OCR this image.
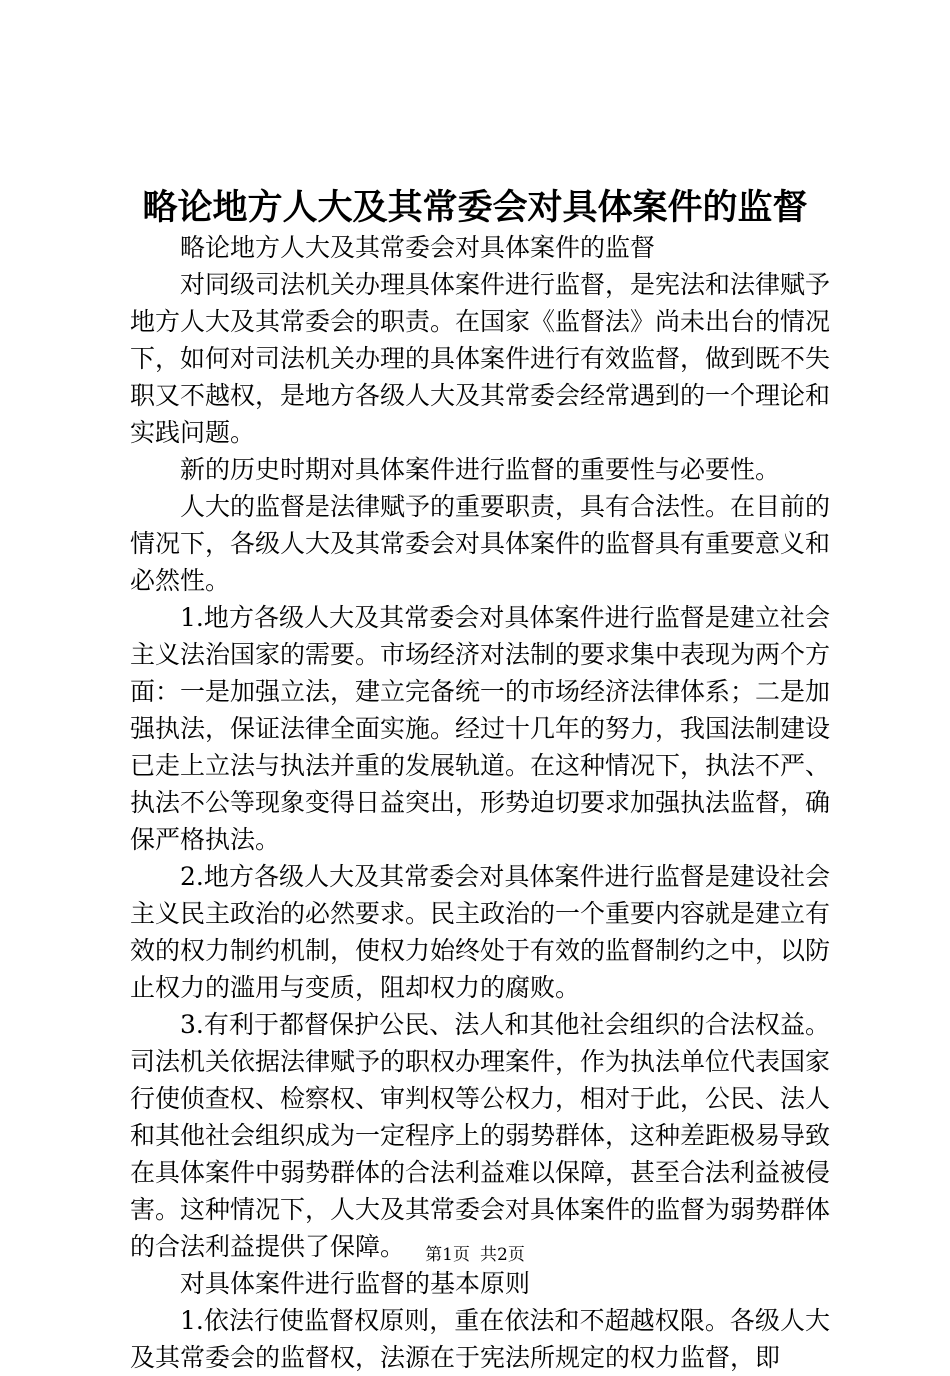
略论地方人大及其常委会对具体案件的监督

略论地方人大及其常委会对具体案件的监督

对同级司法机关办理具体案件进行监督，是宪法和法律赋予地方人大及其常委会的职责。在国家《监督法》尚未出台的情况下，如何对司法机关办理的具体案件进行有效监督，做到既不失职又不越权，是地方各级人大及其常委会经常遇到的一个理论和实践问题。

新的历史时期对具体案件进行监督的重要性与必要性。

人大的监督是法律赋予的重要职责，具有合法性。在目前的情况下，各级人大及其常委会对具体案件的监督具有重要意义和必然性。

1.地方各级人大及其常委会对具体案件进行监督是建立社会主义法治国家的需要。市场经济对法制的要求集中表现为两个方面：一是加强立法，建立完备统一的市场经济法律体系；二是加强执法，保证法律全面实施。经过十几年的努力，我国法制建设已走上立法与执法并重的发展轨道。在这种情况下，执法不严、执法不公等现象变得日益突出，形势迫切要求加强执法监督，确保严格执法。

2.地方各级人大及其常委会对具体案件进行监督是建设社会主义民主政治的必然要求。民主政治的一个重要内容就是建立有效的权力制约机制，使权力始终处于有效的监督制约之中，以防止权力的滥用与变质，阻却权力的腐败。

3.有利于都督保护公民、法人和其他社会组织的合法权益。司法机关依据法律赋予的职权办理案件，作为执法单位代表国家行使侦查权、检察权、审判权等公权力，相对于此，公民、法人和其他社会组织成为一定程序上的弱势群体，这种差距极易导致在具体案件中弱势群体的合法利益难以保障，甚至合法利益被侵害。这种情况下，人大及其常委会对具体案件的监督为弱势群体的合法利益提供了保障。

对具体案件进行监督的基本原则

1.依法行使监督权原则，重在依法和不超越权限。各级人大及其常委会的监督权，法源在于宪法所规定的权力监督，即

第1页 共2页
